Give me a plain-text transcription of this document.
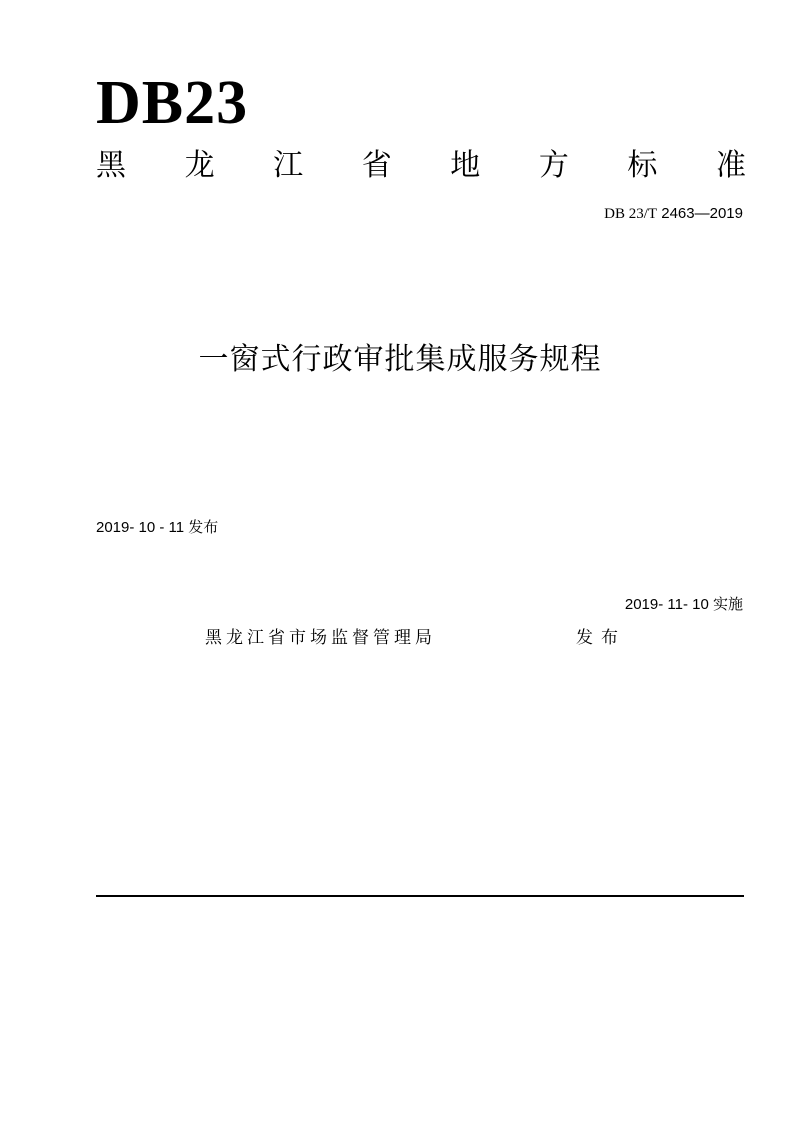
DB23
黑 龙 江 省 地 方 标 准
DB 23/T 2463—2019
一窗式行政审批集成服务规程
2019- 10 - 11 发布
2019- 11- 10 实施
黑龙江省市场监督管理局	发布
